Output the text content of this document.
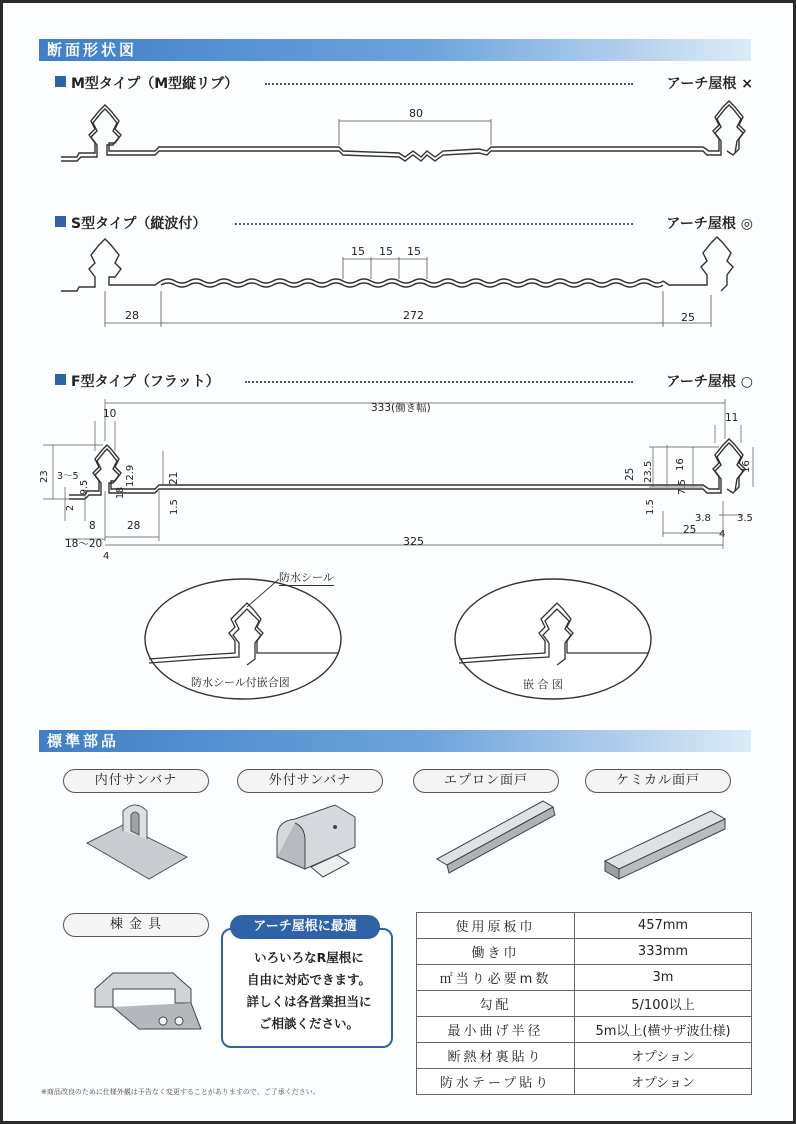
断面形状図
M型タイプ（M型縦リブ）	アーチ屋根 ×
80
S型タイプ（縦波付）	アーチ屋根 ◎
15 15 15
28	272	25
F型タイプ（フラット）	アーチ屋根 ○
333(働き幅)
10	11
23 3〜5
9.5
2
12.9
18
21
1.5
8	28
18〜20
4
325
25 23.5 16
7.5
16
1.5
3.8	3.5
25 4
防水シール
防水シール付嵌合図	嵌 合 図
標準部品
内付サンバナ	外付サンバナ	エプロン面戸	ケミカル面戸
棟 金 具	アーチ屋根に最適
いろいろなR屋根に
自由に対応できます。
詳しくは各営業担当に
ご相談ください。
使用原板巾	457mm
働き巾	333mm
㎡当り必要m数	3m
勾配	5/100以上
最小曲げ半径	5m以上(横サザ波仕様)
断熱材裏貼り	オプション
防水テープ貼り	オプション
※商品改良のために仕様外観は予告なく変更することがありますので、ご了承ください。
